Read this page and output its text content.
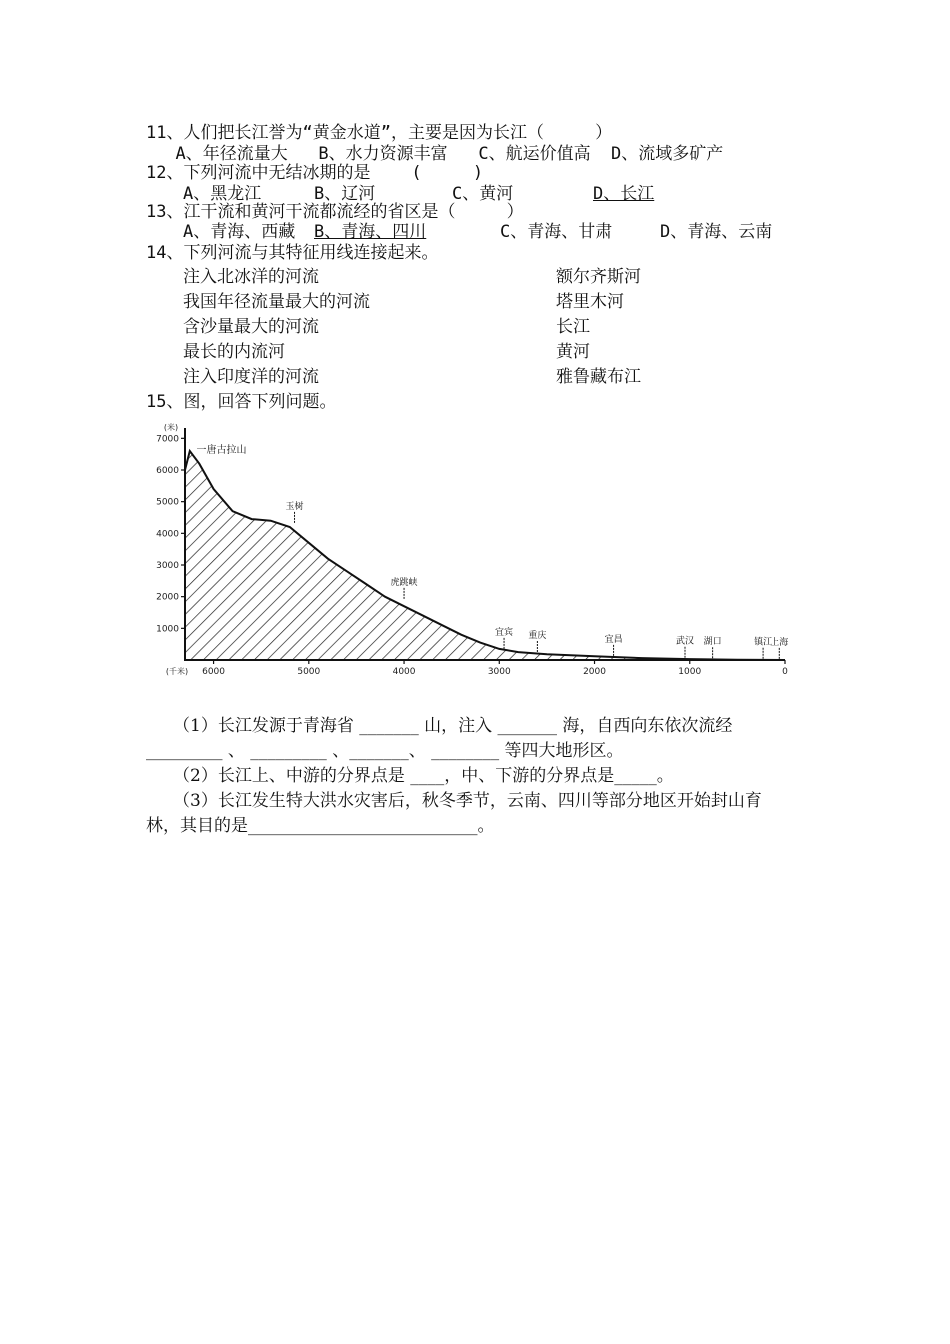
11、人们把长江誉为“黄金水道”，主要是因为长江（     ）
A、年径流量大   B、水力资源丰富   C、航运价值高  D、流域多矿产
12、下列河流中无结冰期的是    (     )
A、黑龙江	B、辽河	C、黄河	D、长江
13、江干流和黄河干流都流经的省区是（     ）
A、青海、西藏 B、青海、四川	C、青海、甘肃	D、青海、云南
14、下列河流与其特征用线连接起来。
注入北冰洋的河流	额尔齐斯河
我国年径流量最大的河流	塔里木河
含沙量最大的河流	长江
最长的内流河	黄河
注入印度洋的河流	雅鲁藏布江
15、图，回答下列问题。
1000
2000
3000
4000
5000
6000
7000
(米)
6000	5000	4000	3000	2000	1000	0
(千米)
一唐古拉山
玉树
虎跳峡
宜宾 重庆	宜昌	武汉 湖口	镇江
上海
（1）长江发源于青海省 _______ 山，注入 _______ 海，自西向东依次流经
_________ 、 _________ 、_______、 ________ 等四大地形区。
（2）长江上、中游的分界点是 ____，中、下游的分界点是_____。
（3）长江发生特大洪水灾害后，秋冬季节，云南、四川等部分地区开始封山育
林，其目的是___________________________。
